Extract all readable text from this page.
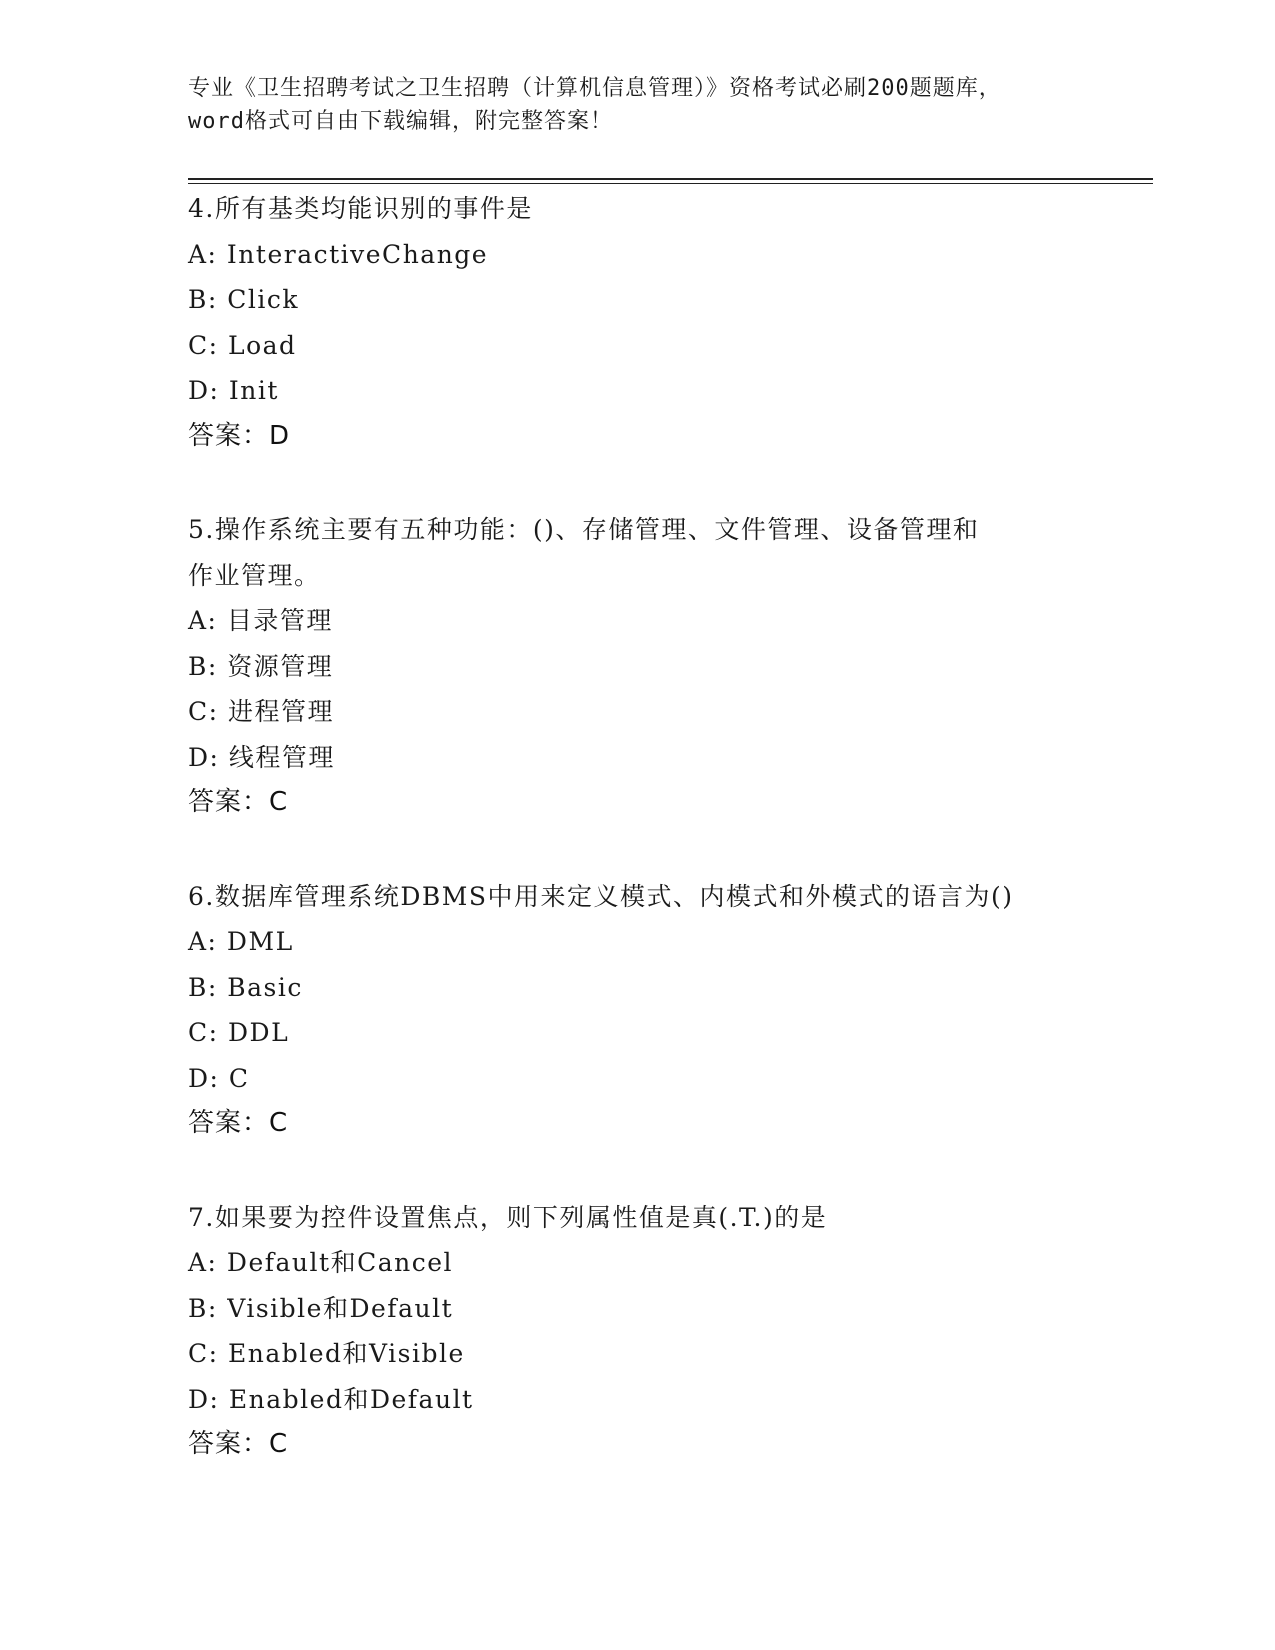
专业《卫生招聘考试之卫生招聘（计算机信息管理）》资格考试必刷200题题库，
word格式可自由下载编辑，附完整答案！
4.所有基类均能识别的事件是
A: InteractiveChange
B: Click
C: Load
D: Init
答案：D
5.操作系统主要有五种功能：()、存储管理、文件管理、设备管理和
作业管理。
A: 目录管理
B: 资源管理
C: 进程管理
D: 线程管理
答案：C
6.数据库管理系统DBMS中用来定义模式、内模式和外模式的语言为()
A: DML
B: Basic
C: DDL
D: C
答案：C
7.如果要为控件设置焦点，则下列属性值是真(.T.)的是
A: Default和Cancel
B: Visible和Default
C: Enabled和Visible
D: Enabled和Default
答案：C
